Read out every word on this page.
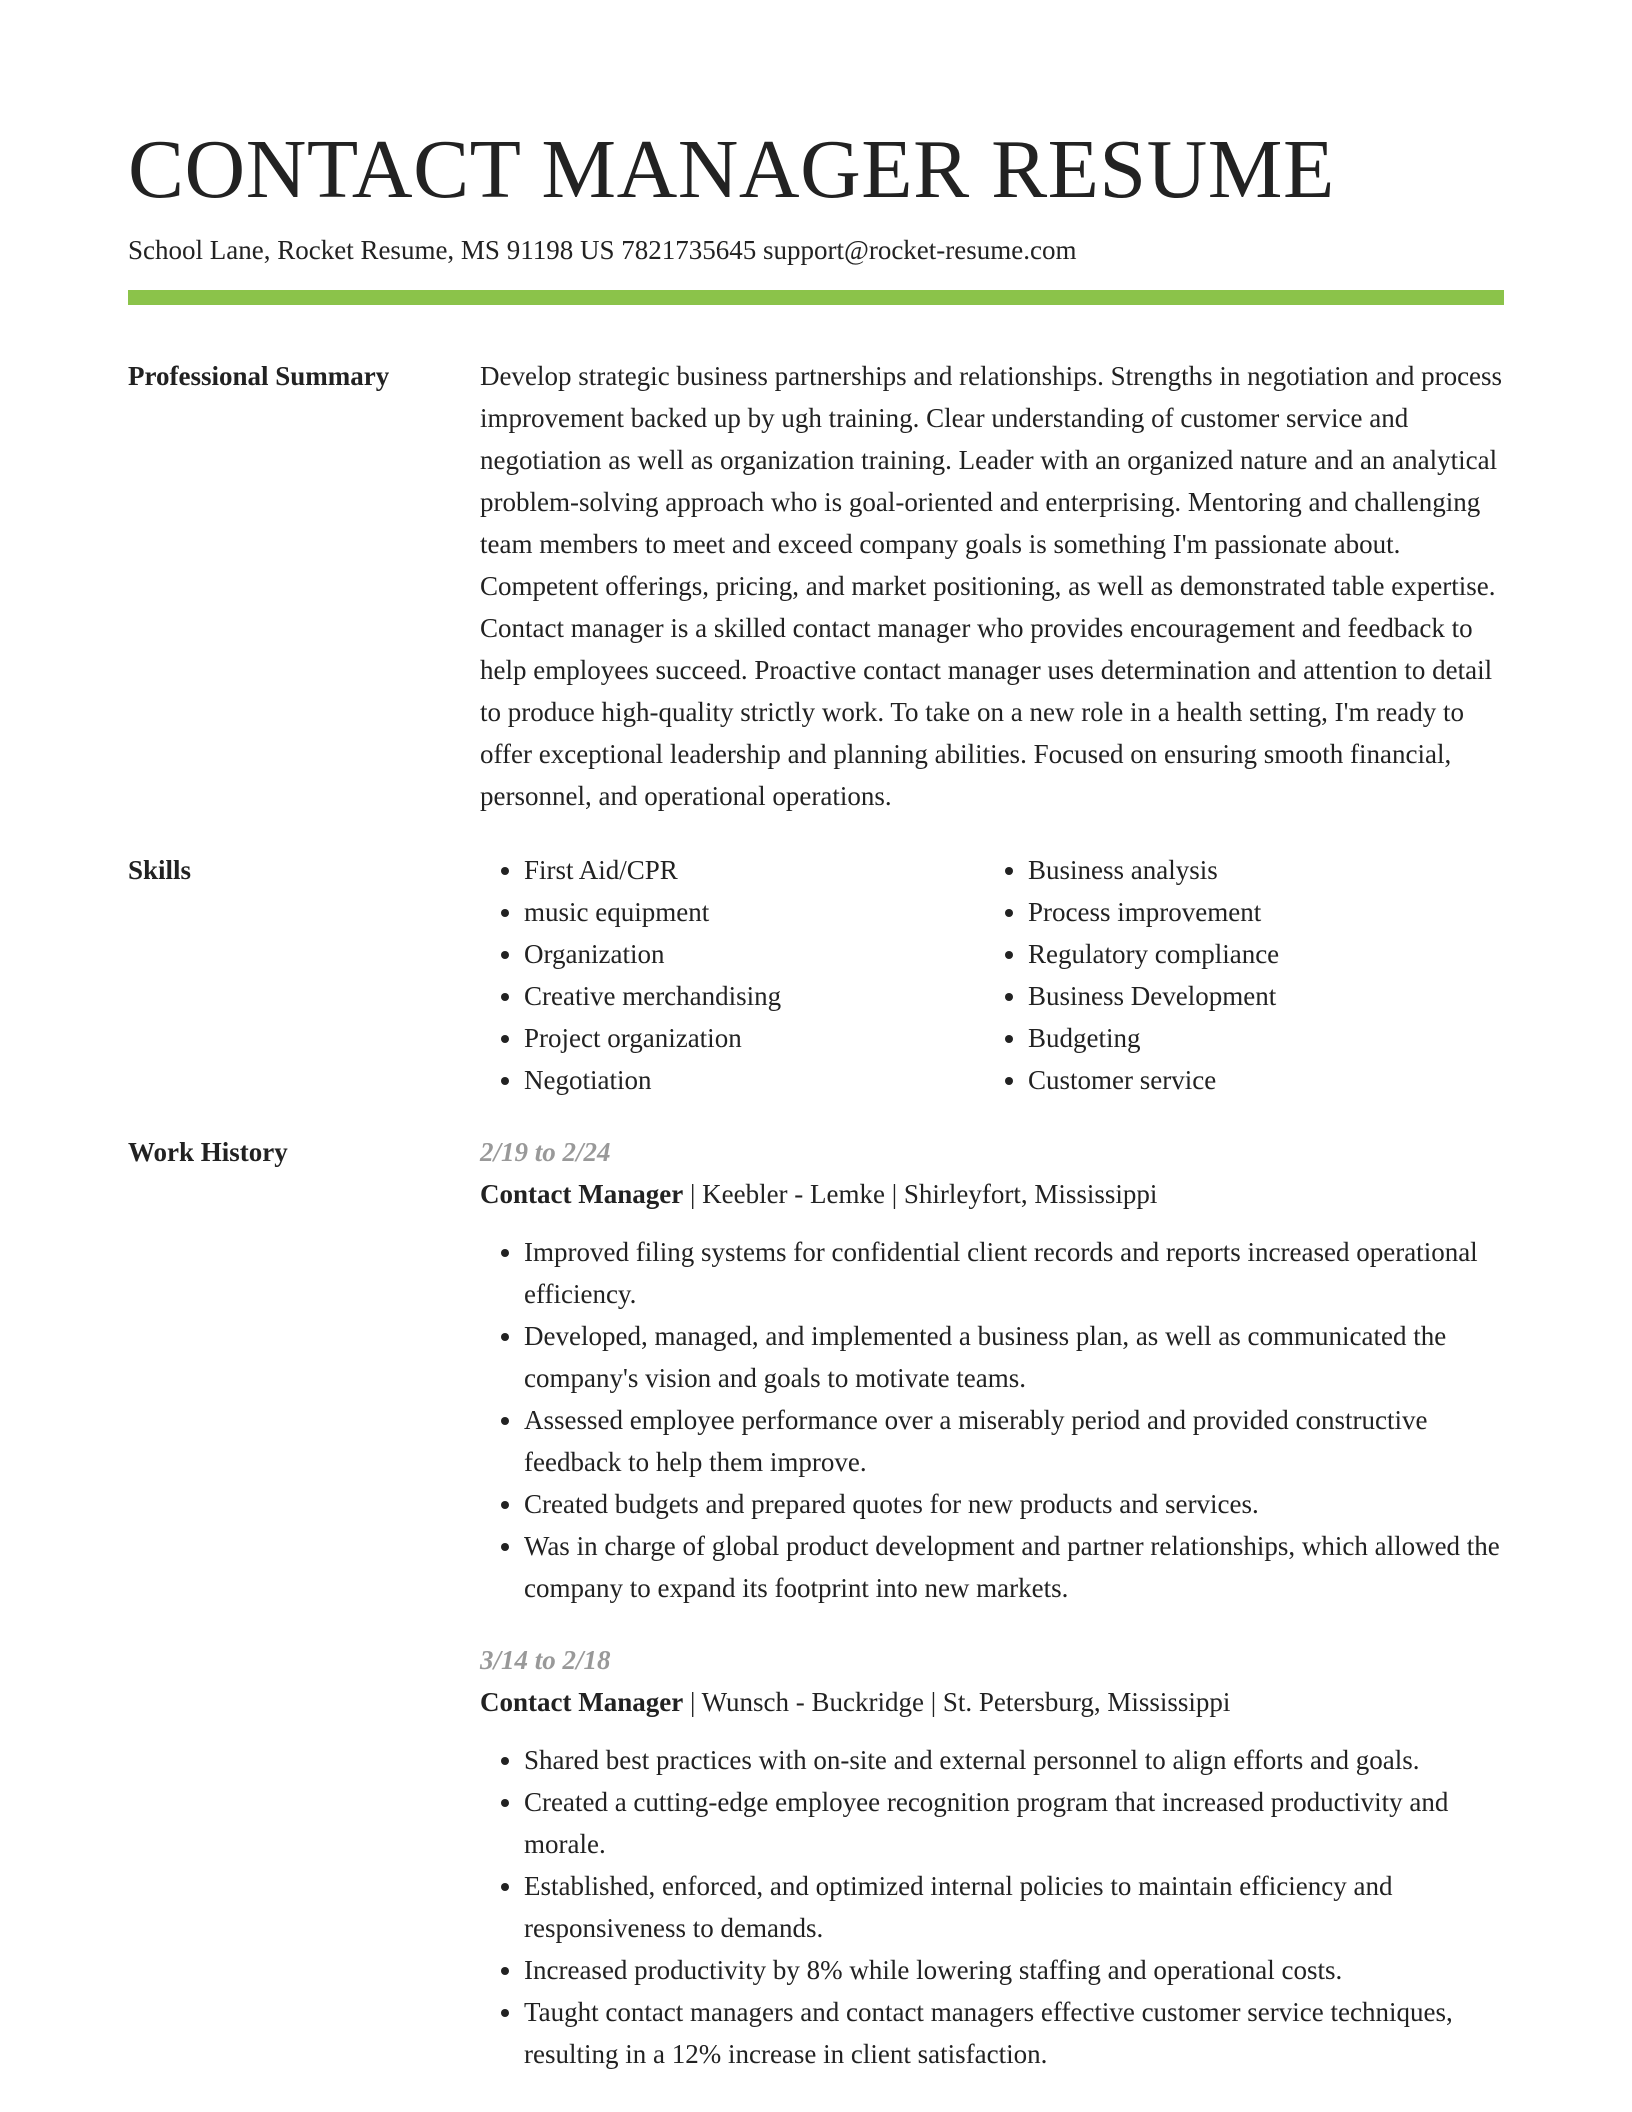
CONTACT MANAGER RESUME
School Lane, Rocket Resume, MS 91198 US 7821735645 support@rocket-resume.com
Professional Summary	Develop strategic business partnerships and relationships. Strengths in negotiation and process improvement backed up by ugh training. Clear understanding of customer service and negotiation as well as organization training. Leader with an organized nature and an analytical problem-solving approach who is goal-oriented and enterprising. Mentoring and challenging team members to meet and exceed company goals is something I'm passionate about. Competent offerings, pricing, and market positioning, as well as demonstrated table expertise. Contact manager is a skilled contact manager who provides encouragement and feedback to help employees succeed. Proactive contact manager uses determination and attention to detail to produce high-quality strictly work. To take on a new role in a health setting, I'm ready to offer exceptional leadership and planning abilities. Focused on ensuring smooth financial, personnel, and operational operations.

Skills
•	First Aid/CPR
• music equipment
• Organization
• Creative merchandising
• Project organization
• Negotiation
• Business analysis
• Process improvement
• Regulatory compliance
• Business Development
• Budgeting
• Customer service
Work History	2/19 to 2/24
Contact Manager | Keebler - Lemke | Shirleyfort, Mississippi
• Improved filing systems for confidential client records and reports increased operational efficiency.
• Developed, managed, and implemented a business plan, as well as communicated the company's vision and goals to motivate teams.
• Assessed employee performance over a miserably period and provided constructive feedback to help them improve.
• Created budgets and prepared quotes for new products and services.
• Was in charge of global product development and partner relationships, which allowed the company to expand its footprint into new markets.
3/14 to 2/18
Contact Manager | Wunsch - Buckridge | St. Petersburg, Mississippi
• Shared best practices with on-site and external personnel to align efforts and goals.
• Created a cutting-edge employee recognition program that increased productivity and morale.
• Established, enforced, and optimized internal policies to maintain efficiency and responsiveness to demands.
• Increased productivity by 8% while lowering staffing and operational costs.
• Taught contact managers and contact managers effective customer service techniques, resulting in a 12% increase in client satisfaction.
